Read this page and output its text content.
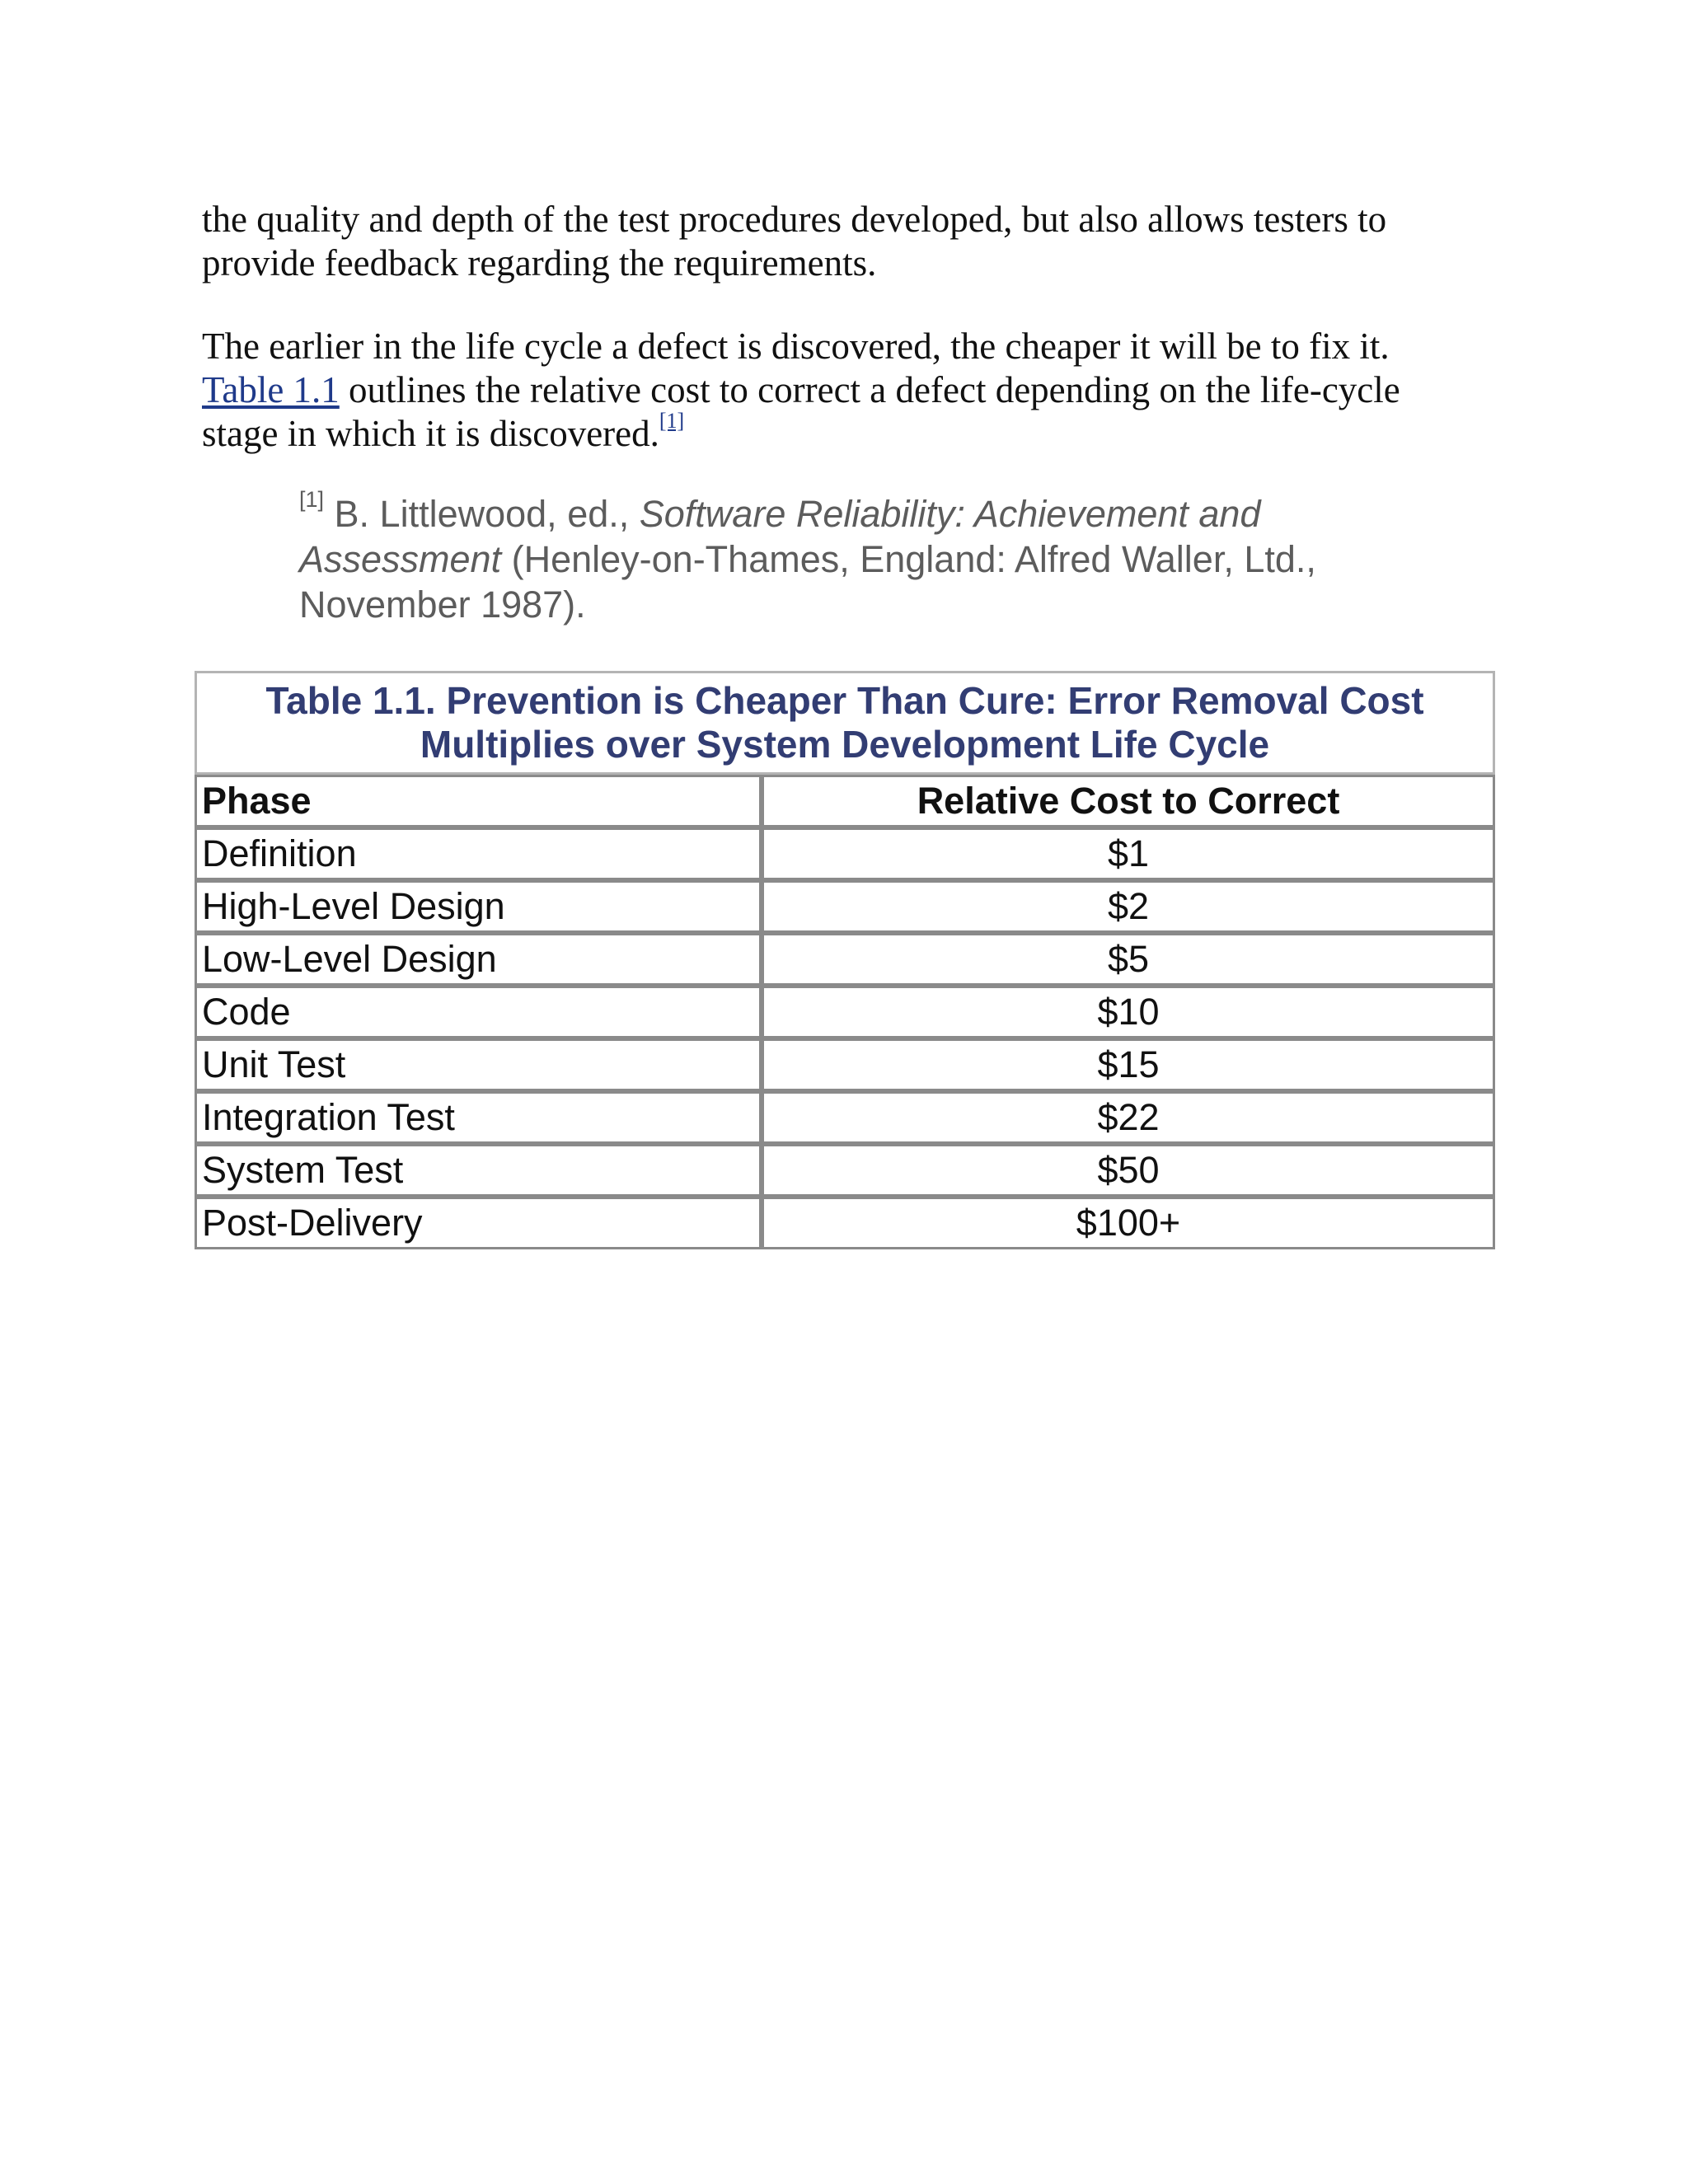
the quality and depth of the test procedures developed, but also allows testers to provide feedback regarding the requirements.

The earlier in the life cycle a defect is discovered, the cheaper it will be to fix it.
Table 1.1 outlines the relative cost to correct a defect depending on the life-cycle stage in which it is discovered.[1]

[1] B. Littlewood, ed., Software Reliability: Achievement and Assessment (Henley-on-Thames, England: Alfred Waller, Ltd., November 1987).

Table 1.1. Prevention is Cheaper Than Cure: Error Removal Cost Multiplies over System Development Life Cycle	
Phase	Relative Cost to Correct
Definition	$1
High-Level Design	$2
Low-Level Design	$5
Code	$10
Unit Test	$15
Integration Test	$22
System Test	$50
Post-Delivery	$100+
